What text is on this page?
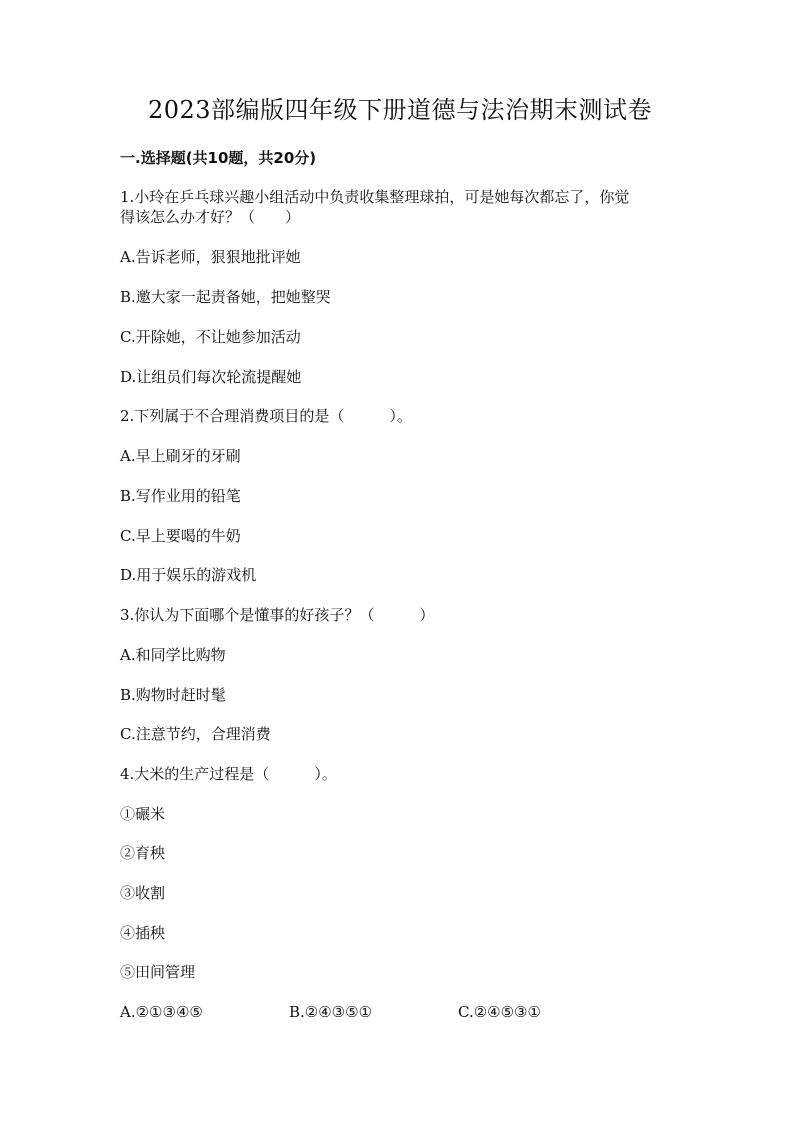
2023部编版四年级下册道德与法治期末测试卷
一.选择题(共10题，共20分)
1.小玲在乒乓球兴趣小组活动中负责收集整理球拍，可是她每次都忘了，你觉
得该怎么办才好？（　　）
A.告诉老师，狠狠地批评她
B.邀大家一起责备她，把她整哭
C.开除她，不让她参加活动
D.让组员们每次轮流提醒她
2.下列属于不合理消费项目的是（　　　）。
A.早上刷牙的牙刷
B.写作业用的铅笔
C.早上要喝的牛奶
D.用于娱乐的游戏机
3.你认为下面哪个是懂事的好孩子？（　　　）
A.和同学比购物
B.购物时赶时髦
C.注意节约，合理消费
4.大米的生产过程是（　　　）。
①碾米
②育秧
③收割
④插秧
⑤田间管理
A.②①③④⑤	B.②④③⑤①	C.②④⑤③①
